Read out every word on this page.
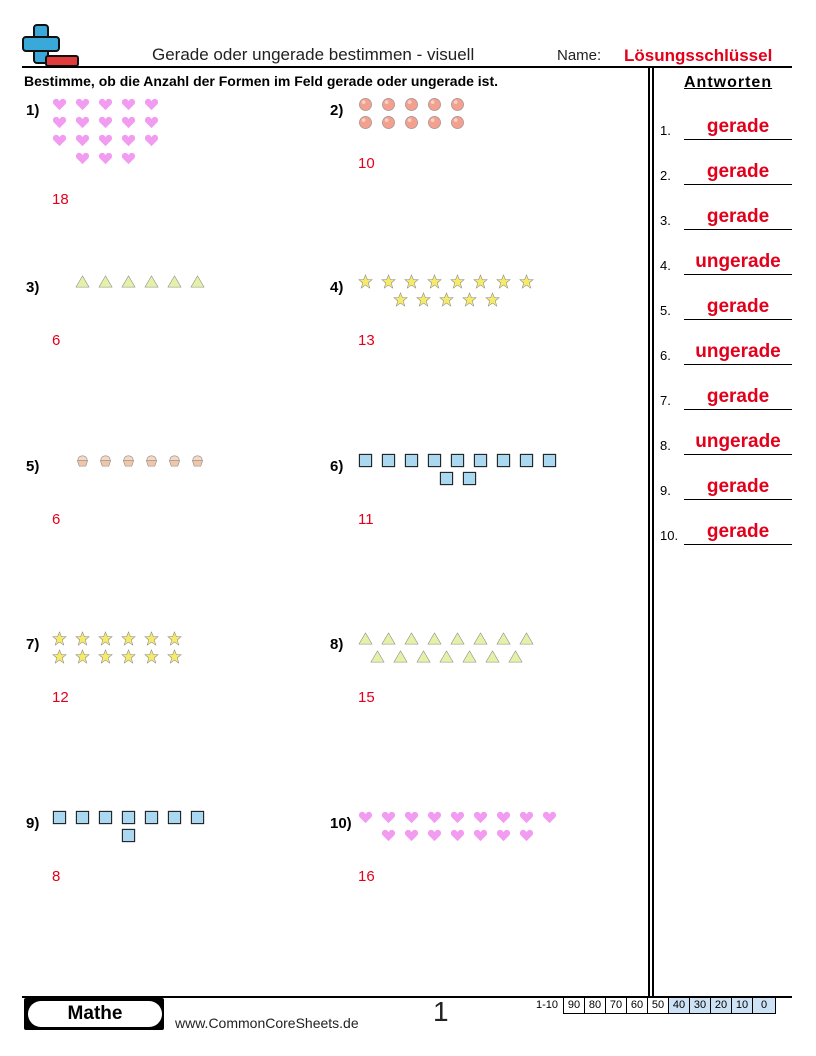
Gerade oder ungerade bestimmen - visuell	Name: Lösungsschlüssel
Bestimme, ob die Anzahl der Formen im Feld gerade oder ungerade ist.	Antworten
1.	gerade
2.	gerade
3.	gerade
4.	ungerade
5.	gerade
6.	ungerade
7.	gerade
8.	ungerade
9.	gerade
10.	gerade
1)
18
2)
10
3)
6
4)
13
5)
6
6)
11
7)
12
8)
15
9)
8
10)
16
Mathe	www.CommonCoreSheets.de	1	1-10 90 80 70 60 50 40 30 20 10	0
